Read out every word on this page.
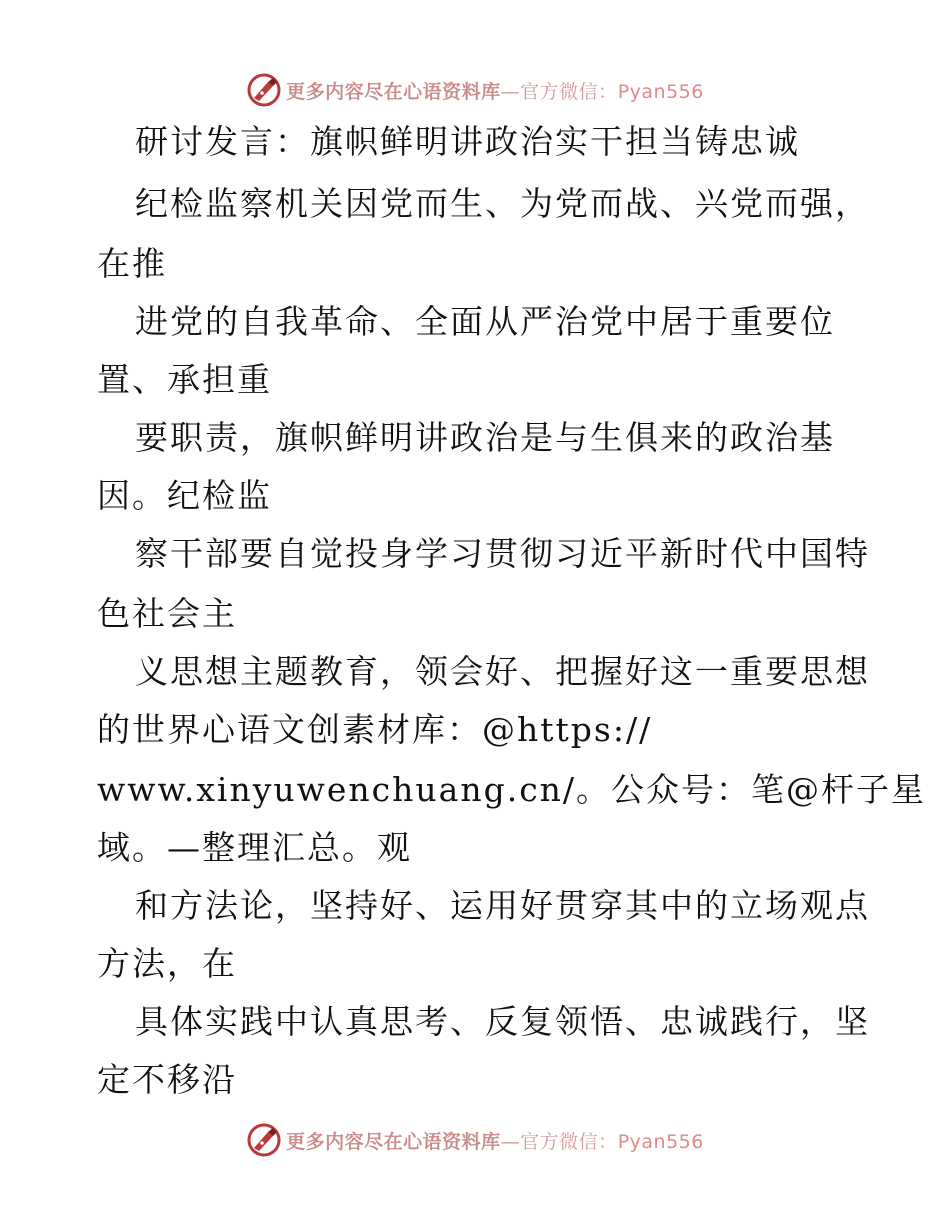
更多内容尽在心语资料库—官方微信：Pyan556
研讨发言：旗帜鲜明讲政治实干担当铸忠诚
纪检监察机关因党而生、为党而战、兴党而强，
在推
进党的自我革命、全面从严治党中居于重要位
置、承担重
要职责，旗帜鲜明讲政治是与生俱来的政治基
因。纪检监
察干部要自觉投身学习贯彻习近平新时代中国特
色社会主
义思想主题教育，领会好、把握好这一重要思想
的世界心语文创素材库：@https://
www.xinyuwenchuang.cn/。公众号：笔@杆子星
域。—整理汇总。观
和方法论，坚持好、运用好贯穿其中的立场观点
方法，在
具体实践中认真思考、反复领悟、忠诚践行，坚
定不移沿
更多内容尽在心语资料库—官方微信：Pyan556
